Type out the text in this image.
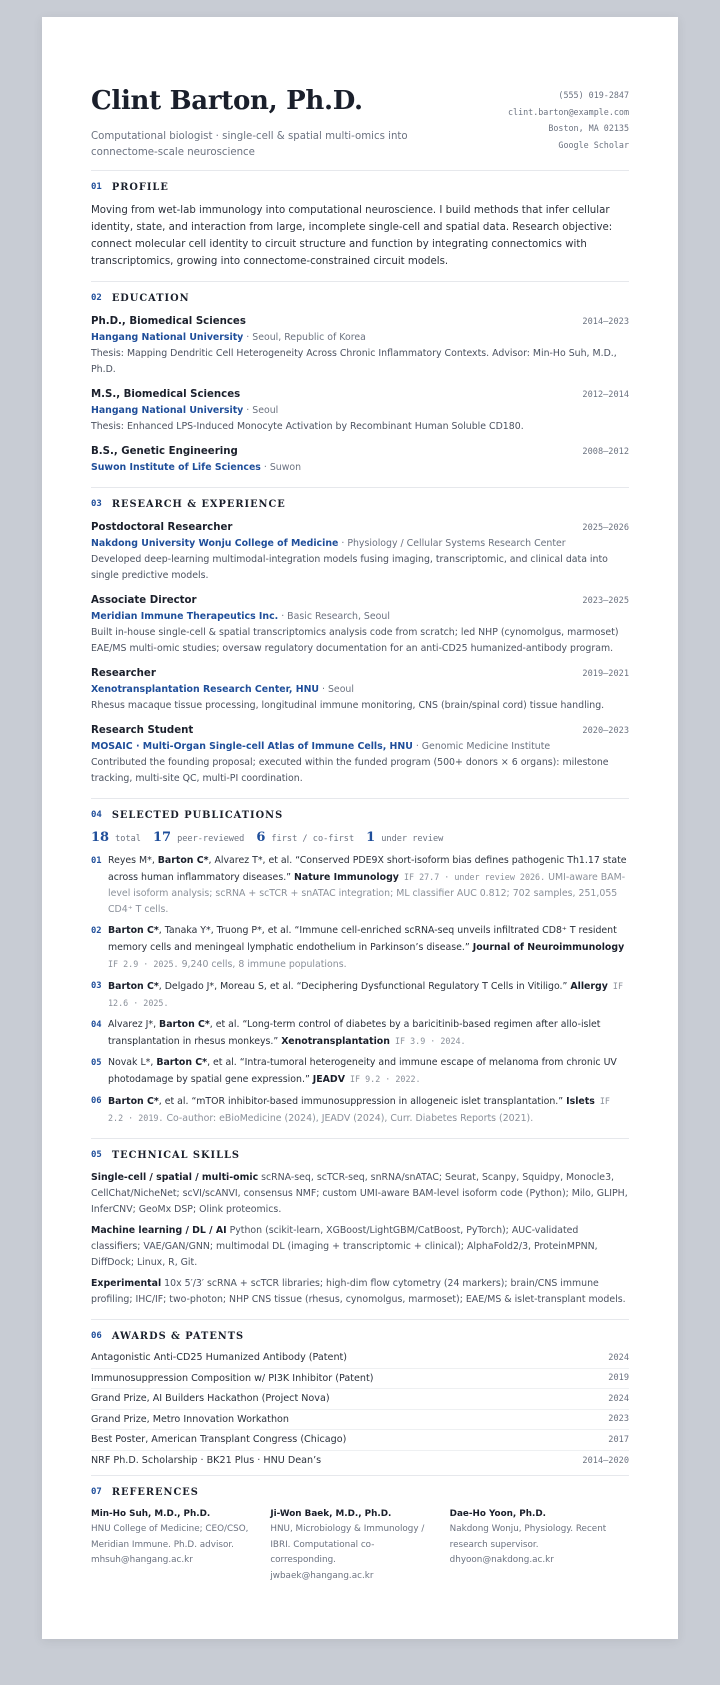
Clint Barton, Ph.D.
Computational biologist · single-cell & spatial multi-omics into connectome-scale neuroscience
(555) 019-2847
clint.barton@example.com
Boston, MA 02135
Google Scholar
01 PROFILE
Moving from wet-lab immunology into computational neuroscience. I build methods that infer cellular identity, state, and interaction from large, incomplete single-cell and spatial data. Research objective: connect molecular cell identity to circuit structure and function by integrating connectomics with transcriptomics, growing into connectome-constrained circuit models.
02 EDUCATION
Ph.D., Biomedical Sciences	2014–2023
Hangang National University · Seoul, Republic of Korea
Thesis: Mapping Dendritic Cell Heterogeneity Across Chronic Inflammatory Contexts. Advisor: Min-Ho Suh, M.D., Ph.D.
M.S., Biomedical Sciences	2012–2014
Hangang National University · Seoul
Thesis: Enhanced LPS-Induced Monocyte Activation by Recombinant Human Soluble CD180.
B.S., Genetic Engineering	2008–2012
Suwon Institute of Life Sciences · Suwon
03 RESEARCH & EXPERIENCE
Postdoctoral Researcher	2025–2026
Nakdong University Wonju College of Medicine · Physiology / Cellular Systems Research Center
Developed deep-learning multimodal-integration models fusing imaging, transcriptomic, and clinical data into single predictive models.
Associate Director	2023–2025
Meridian Immune Therapeutics Inc. · Basic Research, Seoul
Built in-house single-cell & spatial transcriptomics analysis code from scratch; led NHP (cynomolgus, marmoset) EAE/MS multi-omic studies; oversaw regulatory documentation for an anti-CD25 humanized-antibody program.
Researcher	2019–2021
Xenotransplantation Research Center, HNU · Seoul
Rhesus macaque tissue processing, longitudinal immune monitoring, CNS (brain/spinal cord) tissue handling.
Research Student	2020–2023
MOSAIC · Multi-Organ Single-cell Atlas of Immune Cells, HNU · Genomic Medicine Institute
Contributed the founding proposal; executed within the funded program (500+ donors × 6 organs): milestone tracking, multi-site QC, multi-PI coordination.
04 SELECTED PUBLICATIONS
18 total 17 peer-reviewed 6 first / co-first 1 under review
01 Reyes M*, Barton C*, Alvarez T*, et al. “Conserved PDE9X short-isoform bias defines pathogenic Th1.17 state across human inflammatory diseases.” Nature Immunology IF 27.7 · under review 2026. UMI-aware BAM-level isoform analysis; scRNA + scTCR + snATAC integration; ML classifier AUC 0.812; 702 samples, 251,055 CD4⁺ T cells.
02 Barton C*, Tanaka Y*, Truong P*, et al. “Immune cell-enriched scRNA-seq unveils infiltrated CD8⁺ T resident memory cells and meningeal lymphatic endothelium in Parkinson’s disease.” Journal of Neuroimmunology IF 2.9 · 2025. 9,240 cells, 8 immune populations.
03 Barton C*, Delgado J*, Moreau S, et al. “Deciphering Dysfunctional Regulatory T Cells in Vitiligo.” Allergy IF 12.6 · 2025.
04 Alvarez J*, Barton C*, et al. “Long-term control of diabetes by a baricitinib-based regimen after allo-islet transplantation in rhesus monkeys.” Xenotransplantation IF 3.9 · 2024.
05 Novak L*, Barton C*, et al. “Intra-tumoral heterogeneity and immune escape of melanoma from chronic UV photodamage by spatial gene expression.” JEADV IF 9.2 · 2022.
06 Barton C*, et al. “mTOR inhibitor-based immunosuppression in allogeneic islet transplantation.” Islets IF 2.2 · 2019. Co-author: eBioMedicine (2024), JEADV (2024), Curr. Diabetes Reports (2021).
05 TECHNICAL SKILLS
Single-cell / spatial / multi-omic scRNA-seq, scTCR-seq, snRNA/snATAC; Seurat, Scanpy, Squidpy, Monocle3, CellChat/NicheNet; scVI/scANVI, consensus NMF; custom UMI-aware BAM-level isoform code (Python); Milo, GLIPH, InferCNV; GeoMx DSP; Olink proteomics.
Machine learning / DL / AI Python (scikit-learn, XGBoost/LightGBM/CatBoost, PyTorch); AUC-validated classifiers; VAE/GAN/GNN; multimodal DL (imaging + transcriptomic + clinical); AlphaFold2/3, ProteinMPNN, DiffDock; Linux, R, Git.
Experimental 10x 5′/3′ scRNA + scTCR libraries; high-dim flow cytometry (24 markers); brain/CNS immune profiling; IHC/IF; two-photon; NHP CNS tissue (rhesus, cynomolgus, marmoset); EAE/MS & islet-transplant models.
06 AWARDS & PATENTS
Antagonistic Anti-CD25 Humanized Antibody (Patent)	2024
Immunosuppression Composition w/ PI3K Inhibitor (Patent)	2019
Grand Prize, AI Builders Hackathon (Project Nova)	2024
Grand Prize, Metro Innovation Workathon	2023
Best Poster, American Transplant Congress (Chicago)	2017
NRF Ph.D. Scholarship · BK21 Plus · HNU Dean’s	2014–2020
07 REFERENCES
Min-Ho Suh, M.D., Ph.D.
HNU College of Medicine; CEO/CSO, Meridian Immune. Ph.D. advisor.
mhsuh@hangang.ac.kr
Ji-Won Baek, M.D., Ph.D.
HNU, Microbiology & Immunology / IBRI. Computational co-corresponding.
jwbaek@hangang.ac.kr
Dae-Ho Yoon, Ph.D.
Nakdong Wonju, Physiology. Recent research supervisor.
dhyoon@nakdong.ac.kr
